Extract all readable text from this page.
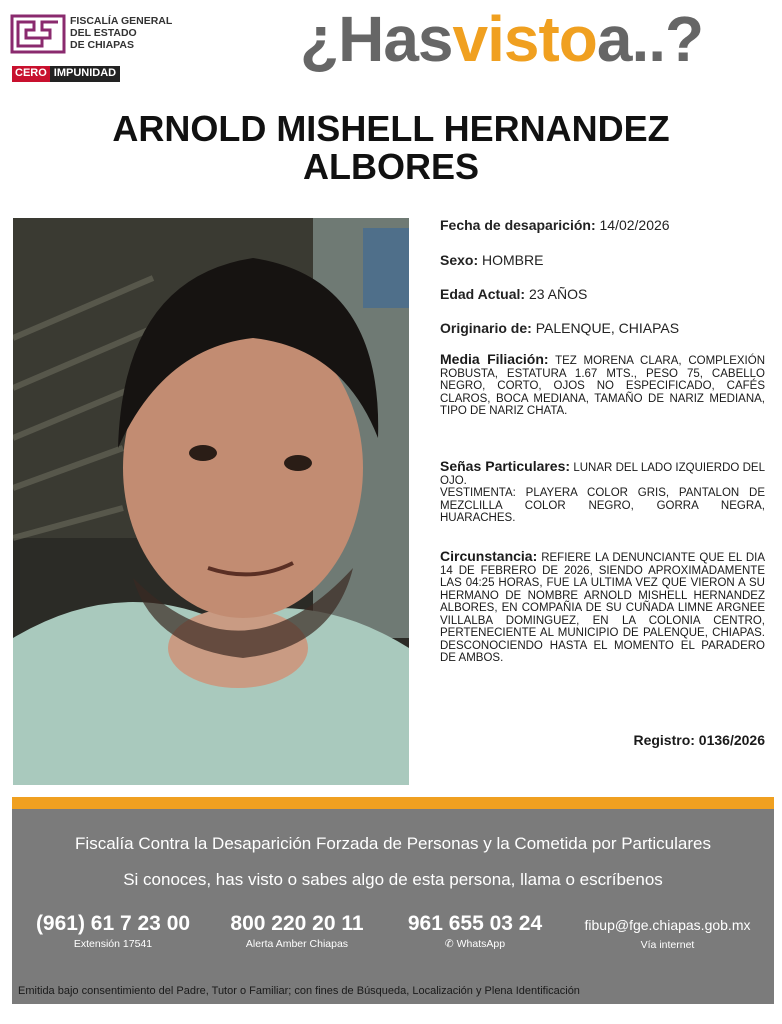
FISCALÍA GENERAL
DEL ESTADO
DE CHIAPAS
CERO IMPUNIDAD	¿Hasvistoa..?
ARNOLD MISHELL HERNANDEZ
ALBORES
Fecha de desaparición: 14/02/2026
Sexo: HOMBRE
Edad Actual: 23 AÑOS
Originario de: PALENQUE, CHIAPAS
Media Filiación: TEZ MORENA CLARA, COMPLEXIÓN ROBUSTA, ESTATURA 1.67 MTS., PESO 75, CABELLO NEGRO, CORTO, OJOS NO ESPECIFICADO, CAFÉS CLAROS, BOCA MEDIANA, TAMAÑO DE NARIZ MEDIANA, TIPO DE NARIZ CHATA.
Señas Particulares: LUNAR DEL LADO IZQUIERDO DEL OJO.
VESTIMENTA: PLAYERA COLOR GRIS, PANTALON DE MEZCLILLA COLOR NEGRO, GORRA NEGRA, HUARACHES.
Circunstancia: REFIERE LA DENUNCIANTE QUE EL DIA 14 DE FEBRERO DE 2026, SIENDO APROXIMADAMENTE LAS 04:25 HORAS, FUE LA ULTIMA VEZ QUE VIERON A SU HERMANO DE NOMBRE ARNOLD MISHELL HERNANDEZ ALBORES, EN COMPAÑIA DE SU CUÑADA LIMNE ARGNEE VILLALBA DOMINGUEZ, EN LA COLONIA CENTRO, PERTENECIENTE AL MUNICIPIO DE PALENQUE, CHIAPAS. DESCONOCIENDO HASTA EL MOMENTO EL PARADERO DE AMBOS.
Registro: 0136/2026
Fiscalía Contra la Desaparición Forzada de Personas y la Cometida por Particulares
Si conoces, has visto o sabes algo de esta persona, llama o escríbenos
(961) 61 7 23 00
Extensión 17541
800 220 20 11
Alerta Amber Chiapas
961 655 03 24
✆ WhatsApp
fibup@fge.chiapas.gob.mx
Vía internet
Emitida bajo consentimiento del Padre, Tutor o Familiar; con fines de Búsqueda, Localización y Plena Identificación
